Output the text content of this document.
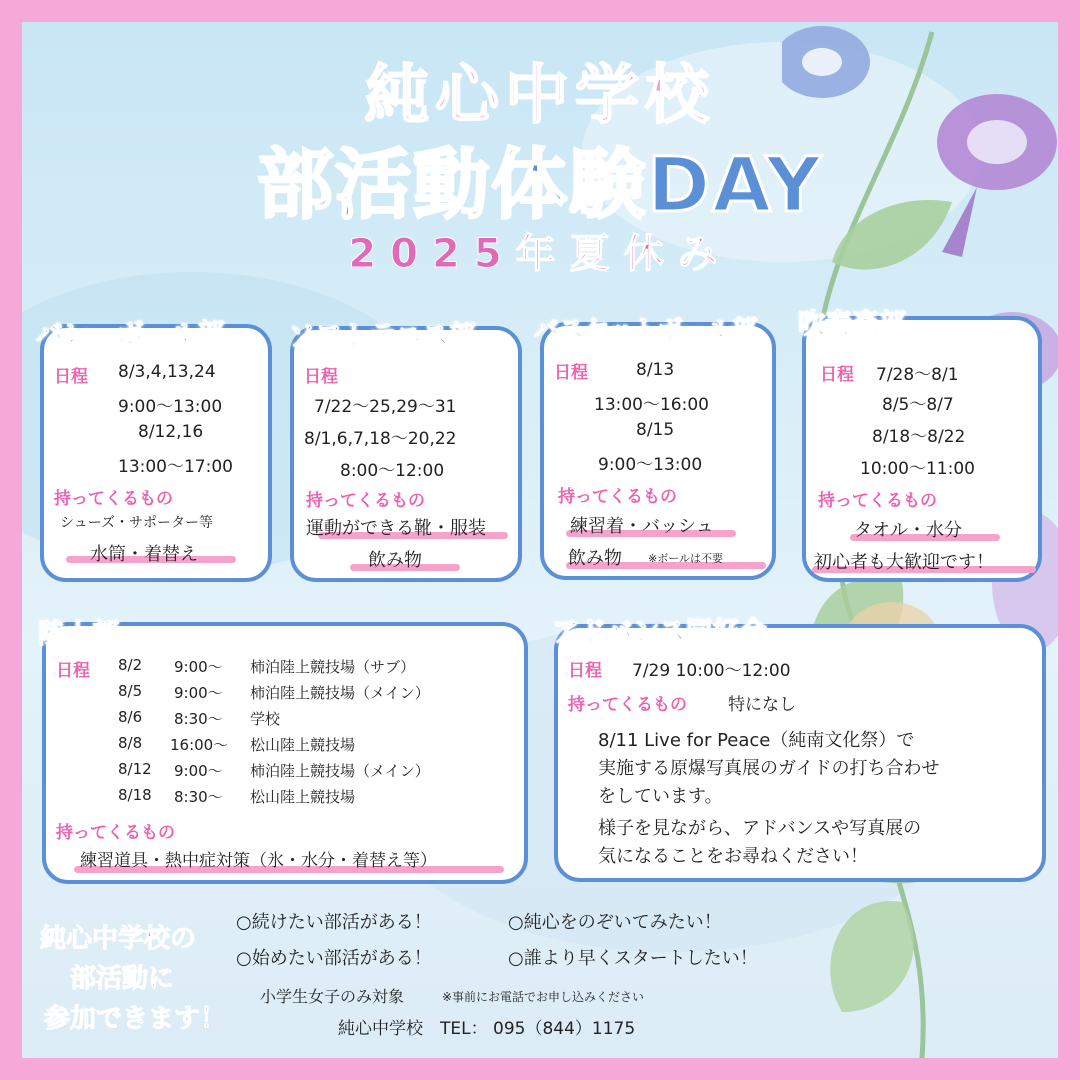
純心中学校
部活動体験DAY
2025年夏休み
日程 8/3,4,13,24
9:00～13:00
8/12,16
13:00～17:00
持ってくるもの
シューズ・サポーター等
水筒・着替え
バレーボール部
日程
7/22～25,29～31
8/1,6,7,18～20,22
8:00～12:00
持ってくるもの
運動ができる靴・服装
飲み物
ソフトテニス部
日程	8/13
13:00～16:00
8/15
9:00～13:00
持ってくるもの
練習着・バッシュ
飲み物 ※ボールは不要
バスケットボール部
日程 7/28～8/1
8/5～8/7
8/18～8/22
10:00～11:00
持ってくるもの
タオル・水分
初心者も大歓迎です！
吹奏楽部
日程 8/2 9:00～ 柿泊陸上競技場（サブ）
8/5 9:00～ 柿泊陸上競技場（メイン）
8/6 8:30～ 学校
8/8 16:00～ 松山陸上競技場
8/12 9:00～ 柿泊陸上競技場（メイン）
8/18 8:30～ 松山陸上競技場
持ってくるもの
練習道具・熱中症対策（氷・水分・着替え等）
陸上部
日程 7/29 10:00～12:00
持ってくるもの 特になし
8/11 Live for Peace（純南文化祭）で
実施する原爆写真展のガイドの打ち合わせ
をしています。
様子を見ながら、アドバンスや写真展の
気になることをお尋ねください！
アドバンス同好会
純心中学校の
部活動に
参加できます！
○続けたい部活がある！	○純心をのぞいてみたい！
○始めたい部活がある！	○誰より早くスタートしたい！
小学生女子のみ対象	※事前にお電話でお申し込みください
純心中学校　TEL： 095（844）1175
